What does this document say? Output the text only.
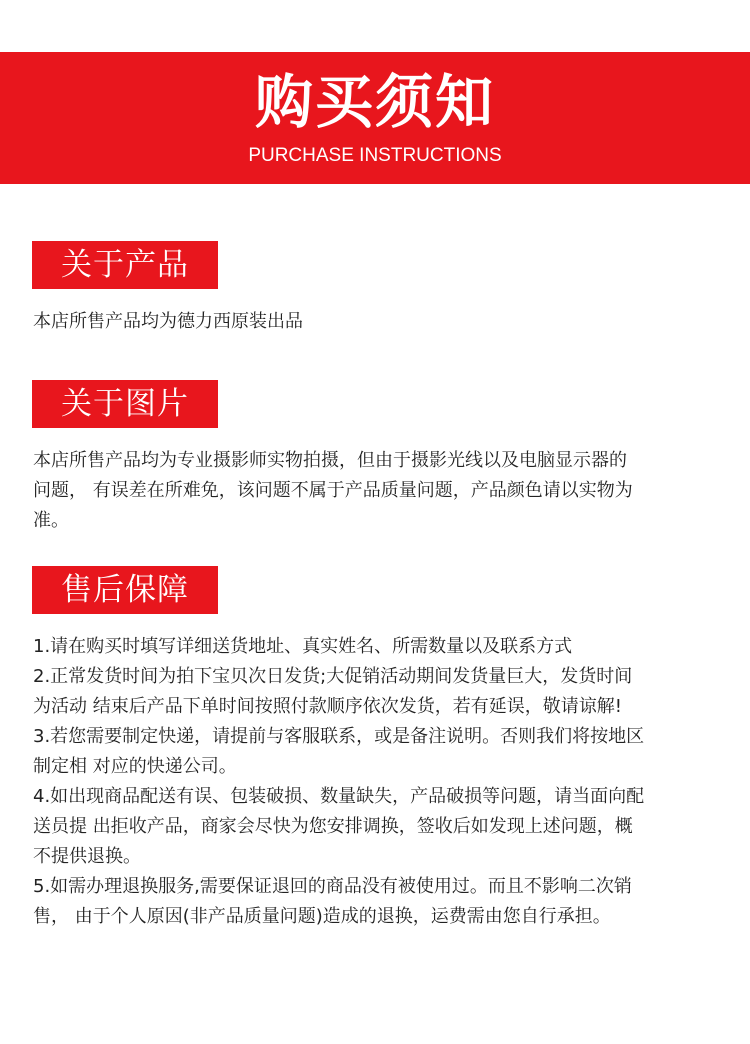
购买须知
PURCHASE INSTRUCTIONS
关于产品
本店所售产品均为德力西原装出品
关于图片
本店所售产品均为专业摄影师实物拍摄，但由于摄影光线以及电脑显示器的
问题， 有误差在所难免，该问题不属于产品质量问题，产品颜色请以实物为
准。
售后保障
1.请在购买时填写详细送货地址、真实姓名、所需数量以及联系方式
2.正常发货时间为拍下宝贝次日发货;大促销活动期间发货量巨大，发货时间
为活动 结束后产品下单时间按照付款顺序依次发货，若有延误，敬请谅解!
3.若您需要制定快递，请提前与客服联系，或是备注说明。否则我们将按地区
制定相 对应的快递公司。
4.如出现商品配送有误、包装破损、数量缺失，产品破损等问题，请当面向配
送员提 出拒收产品，商家会尽快为您安排调换，签收后如发现上述问题，概
不提供退换。
5.如需办理退换服务,需要保证退回的商品没有被使用过。而且不影响二次销
售， 由于个人原因(非产品质量问题)造成的退换，运费需由您自行承担。
